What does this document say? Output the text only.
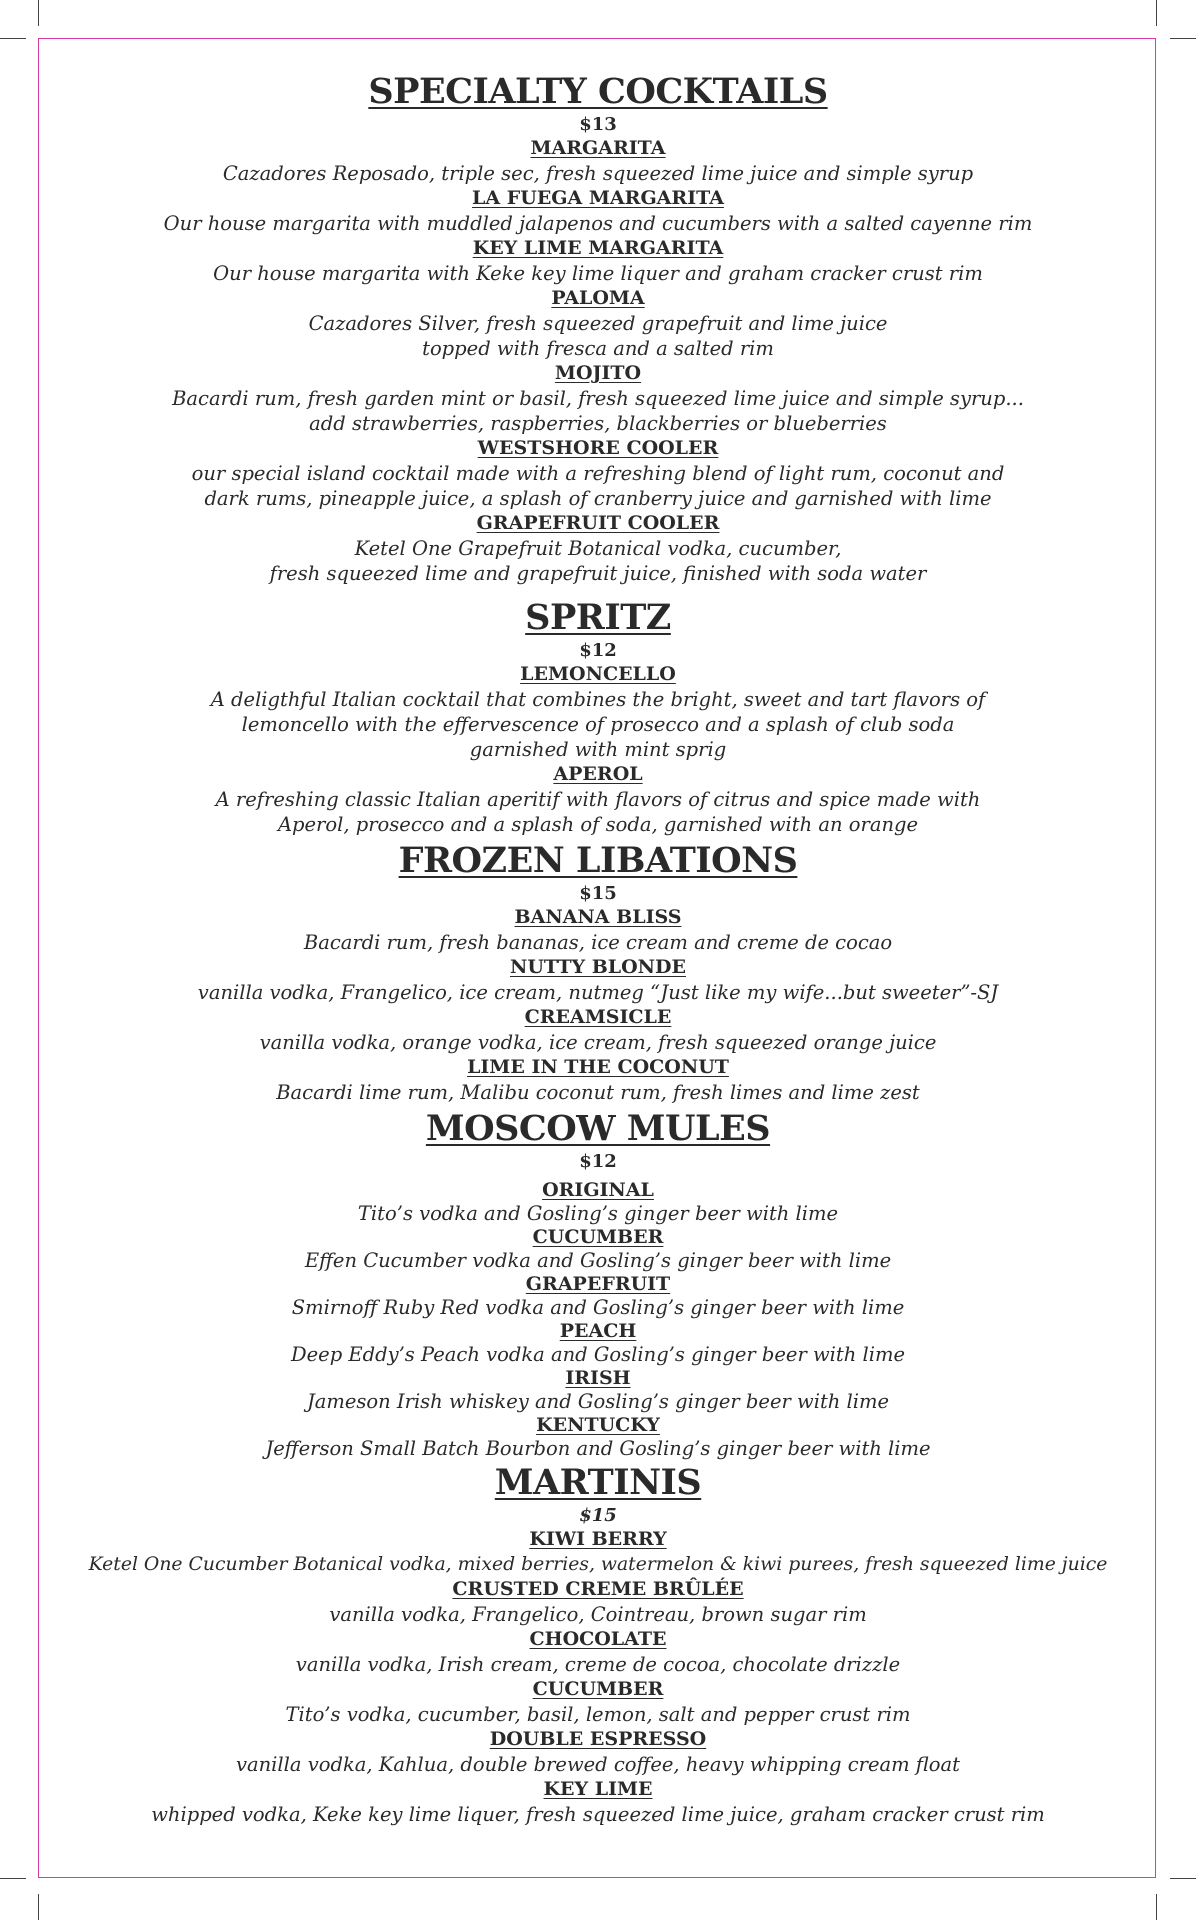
SPECIALTY COCKTAILS
$13
MARGARITA
Cazadores Reposado, triple sec, fresh squeezed lime juice and simple syrup
LA FUEGA MARGARITA
Our house margarita with muddled jalapenos and cucumbers with a salted cayenne rim
KEY LIME MARGARITA
Our house margarita with Keke key lime liquer and graham cracker crust rim
PALOMA
Cazadores Silver, fresh squeezed grapefruit and lime juice
topped with fresca and a salted rim
MOJITO
Bacardi rum, fresh garden mint or basil, fresh squeezed lime juice and simple syrup...
add strawberries, raspberries, blackberries or blueberries
WESTSHORE COOLER
our special island cocktail made with a refreshing blend of light rum, coconut and
dark rums, pineapple juice, a splash of cranberry juice and garnished with lime
GRAPEFRUIT COOLER
Ketel One Grapefruit Botanical vodka, cucumber,
fresh squeezed lime and grapefruit juice, finished with soda water
SPRITZ
$12
LEMONCELLO
A deligthful Italian cocktail that combines the bright, sweet and tart flavors of
lemoncello with the effervescence of prosecco and a splash of club soda
garnished with mint sprig
APEROL
A refreshing classic Italian aperitif with flavors of citrus and spice made with
Aperol, prosecco and a splash of soda, garnished with an orange
FROZEN LIBATIONS
$15
BANANA BLISS
Bacardi rum, fresh bananas, ice cream and creme de cocao
NUTTY BLONDE
vanilla vodka, Frangelico, ice cream, nutmeg “Just like my wife...but sweeter”-SJ
CREAMSICLE
vanilla vodka, orange vodka, ice cream, fresh squeezed orange juice
LIME IN THE COCONUT
Bacardi lime rum, Malibu coconut rum, fresh limes and lime zest
MOSCOW MULES
$12
ORIGINAL
Tito’s vodka and Gosling’s ginger beer with lime
CUCUMBER
Effen Cucumber vodka and Gosling’s ginger beer with lime
GRAPEFRUIT
Smirnoff Ruby Red vodka and Gosling’s ginger beer with lime
PEACH
Deep Eddy’s Peach vodka and Gosling’s ginger beer with lime
IRISH
Jameson Irish whiskey and Gosling’s ginger beer with lime
KENTUCKY
Jefferson Small Batch Bourbon and Gosling’s ginger beer with lime
MARTINIS
$15
KIWI BERRY
Ketel One Cucumber Botanical vodka, mixed berries, watermelon & kiwi purees, fresh squeezed lime juice
CRUSTED CREME BRÛLÉE
vanilla vodka, Frangelico, Cointreau, brown sugar rim
CHOCOLATE
vanilla vodka, Irish cream, creme de cocoa, chocolate drizzle
CUCUMBER
Tito’s vodka, cucumber, basil, lemon, salt and pepper crust rim
DOUBLE ESPRESSO
vanilla vodka, Kahlua, double brewed coffee, heavy whipping cream float
KEY LIME
whipped vodka, Keke key lime liquer, fresh squeezed lime juice, graham cracker crust rim
